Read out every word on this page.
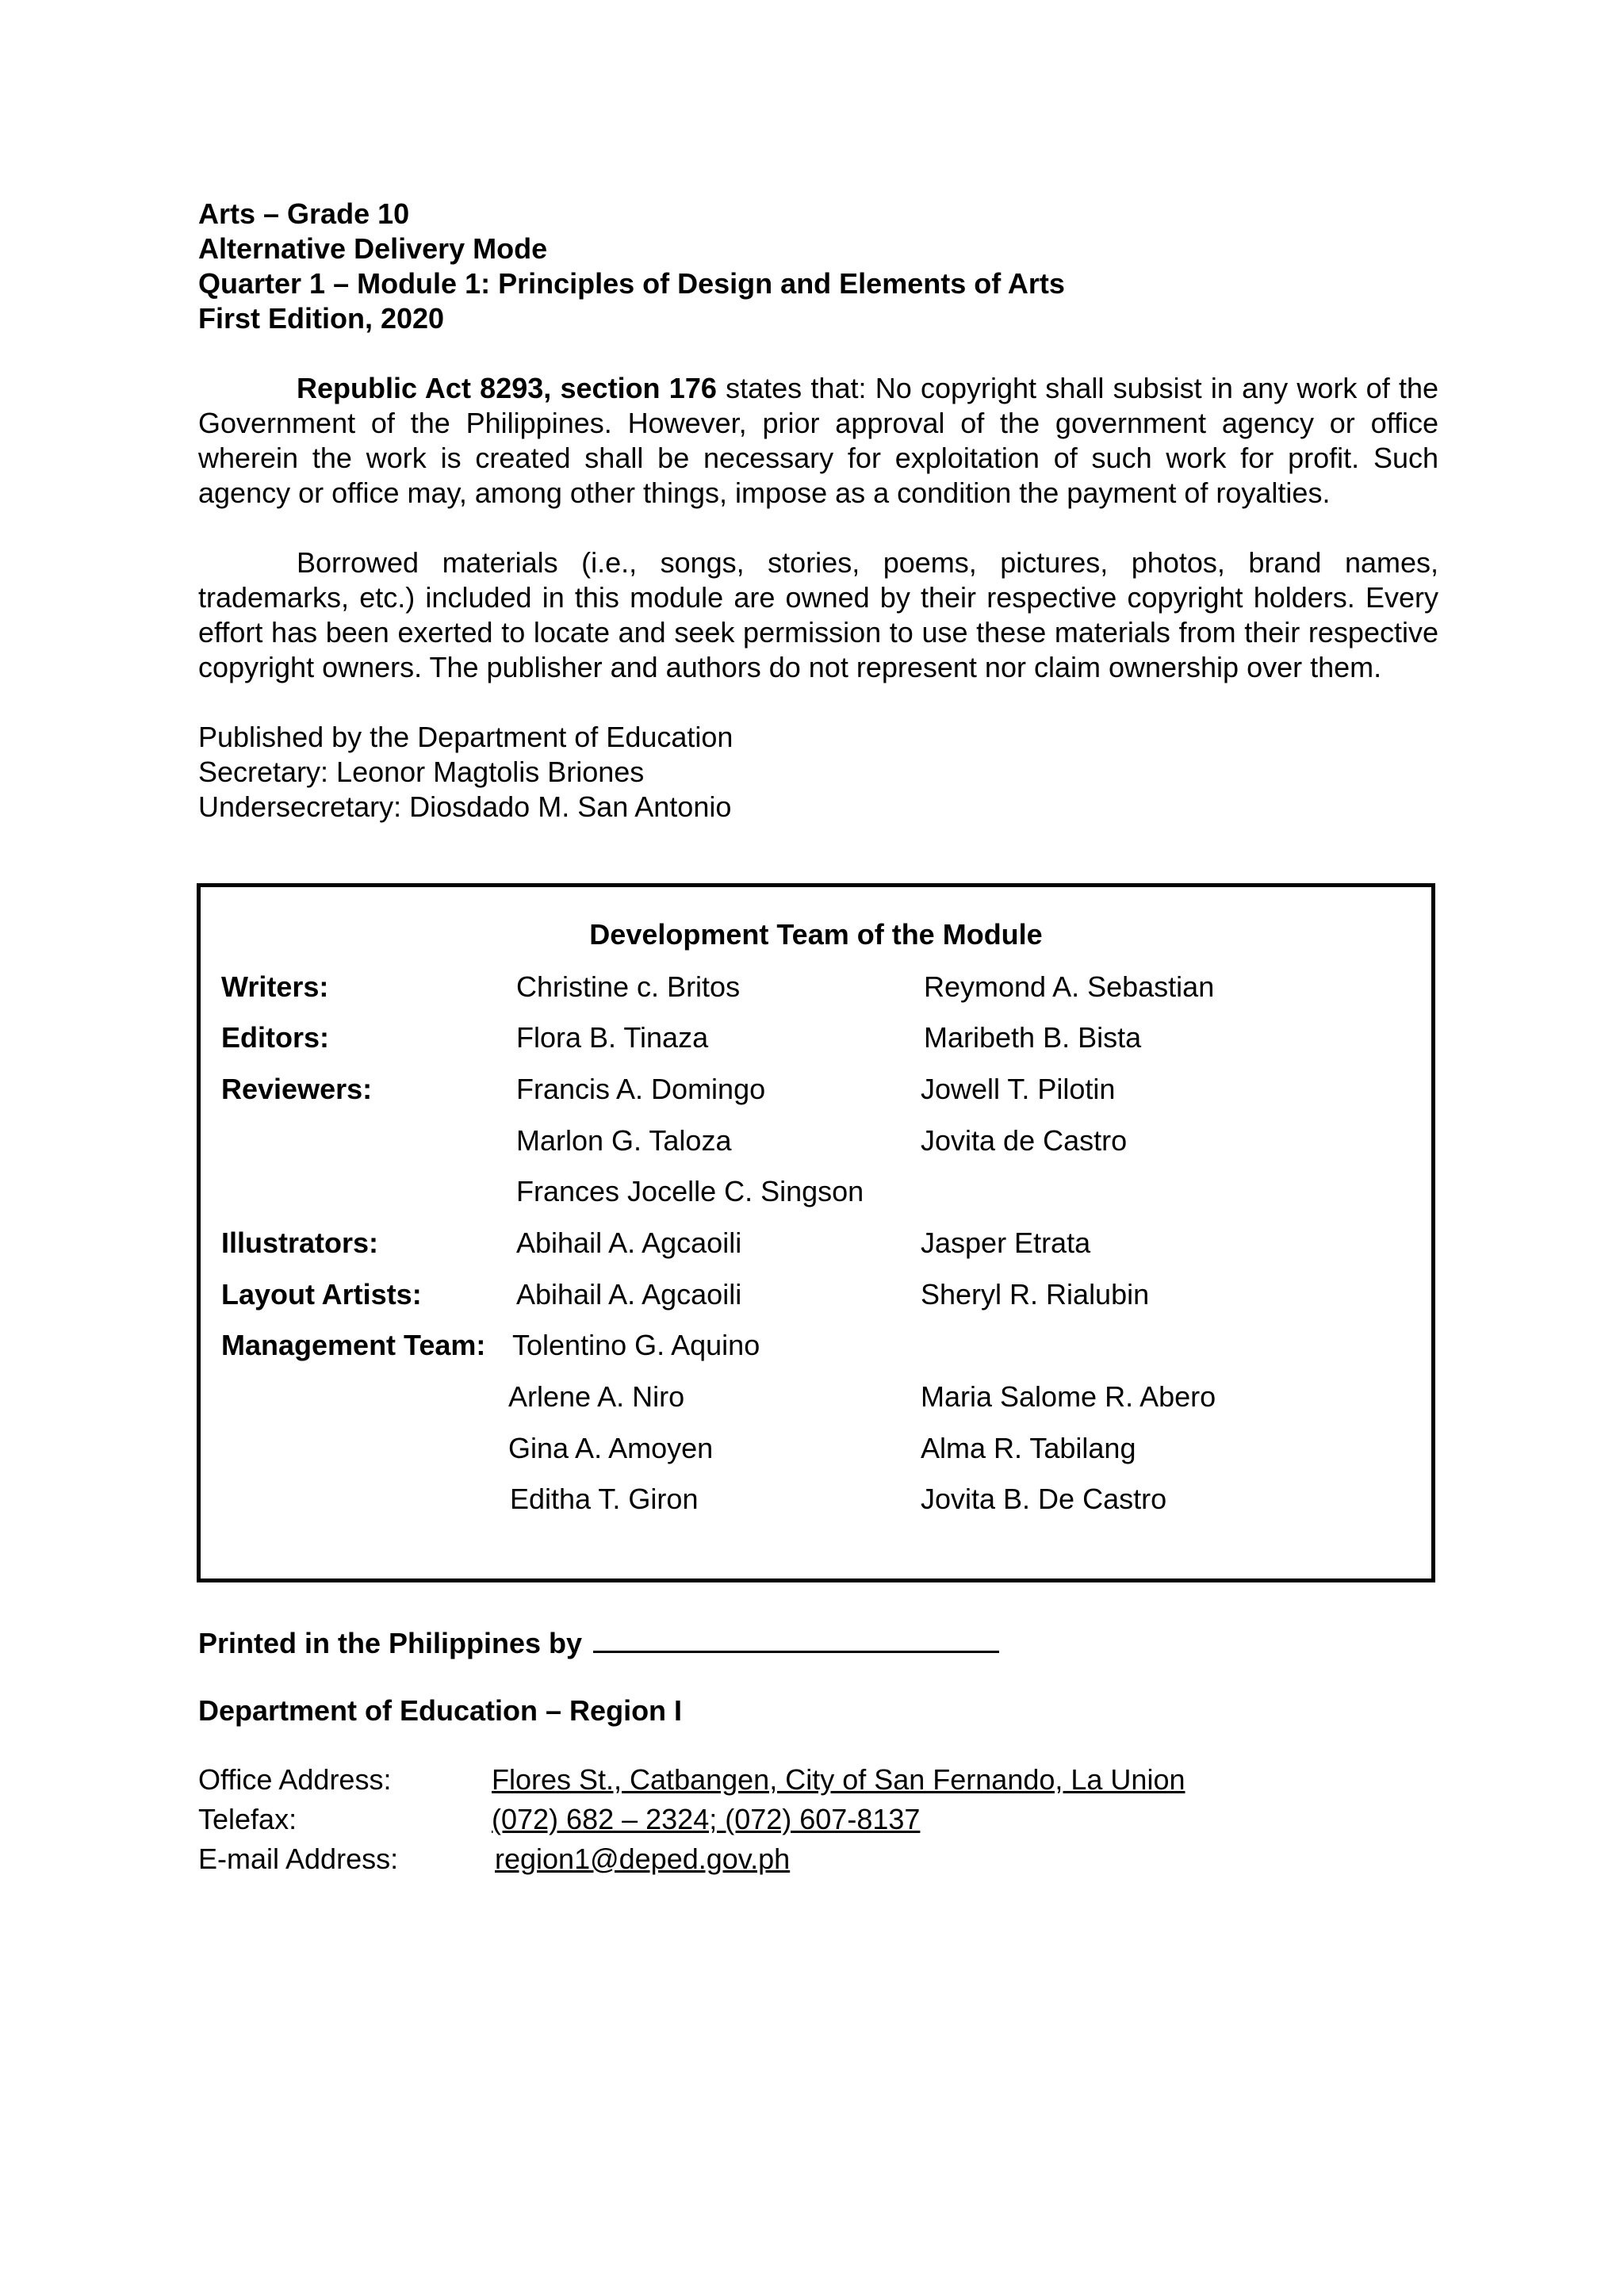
Arts – Grade 10

Alternative Delivery Mode

Quarter 1 – Module 1: Principles of Design and Elements of Arts

First Edition, 2020

Republic Act 8293, section 176 states that: No copyright shall subsist in any work of the Government of the Philippines. However, prior approval of the government agency or office wherein the work is created shall be necessary for exploitation of such work for profit. Such agency or office may, among other things, impose as a condition the payment of royalties.

Borrowed materials (i.e., songs, stories, poems, pictures, photos, brand names, trademarks, etc.) included in this module are owned by their respective copyright holders. Every effort has been exerted to locate and seek permission to use these materials from their respective copyright owners. The publisher and authors do not represent nor claim ownership over them.

Published by the Department of Education

Secretary: Leonor Magtolis Briones

Undersecretary: Diosdado M. San Antonio

Development Team of the Module
Writers:	Christine c. Britos	Reymond A. Sebastian
Editors:	Flora B. Tinaza	Maribeth B. Bista
Reviewers:	Francis A. Domingo	Jowell T. Pilotin
Marlon G. Taloza	Jovita de Castro
Frances Jocelle C. Singson
Illustrators:	Abihail A. Agcaoili	Jasper Etrata
Layout Artists:	Abihail A. Agcaoili	Sheryl R. Rialubin
Management Team: Tolentino G. Aquino
Arlene A. Niro	Maria Salome R. Abero
Gina A. Amoyen	Alma R. Tabilang
Editha T. Giron	Jovita B. De Castro
Printed in the Philippines by
Department of Education – Region I
Office Address:	Flores St., Catbangen, City of San Fernando, La Union
Telefax:	(072) 682 – 2324; (072) 607-8137
E-mail Address:	region1@deped.gov.ph
